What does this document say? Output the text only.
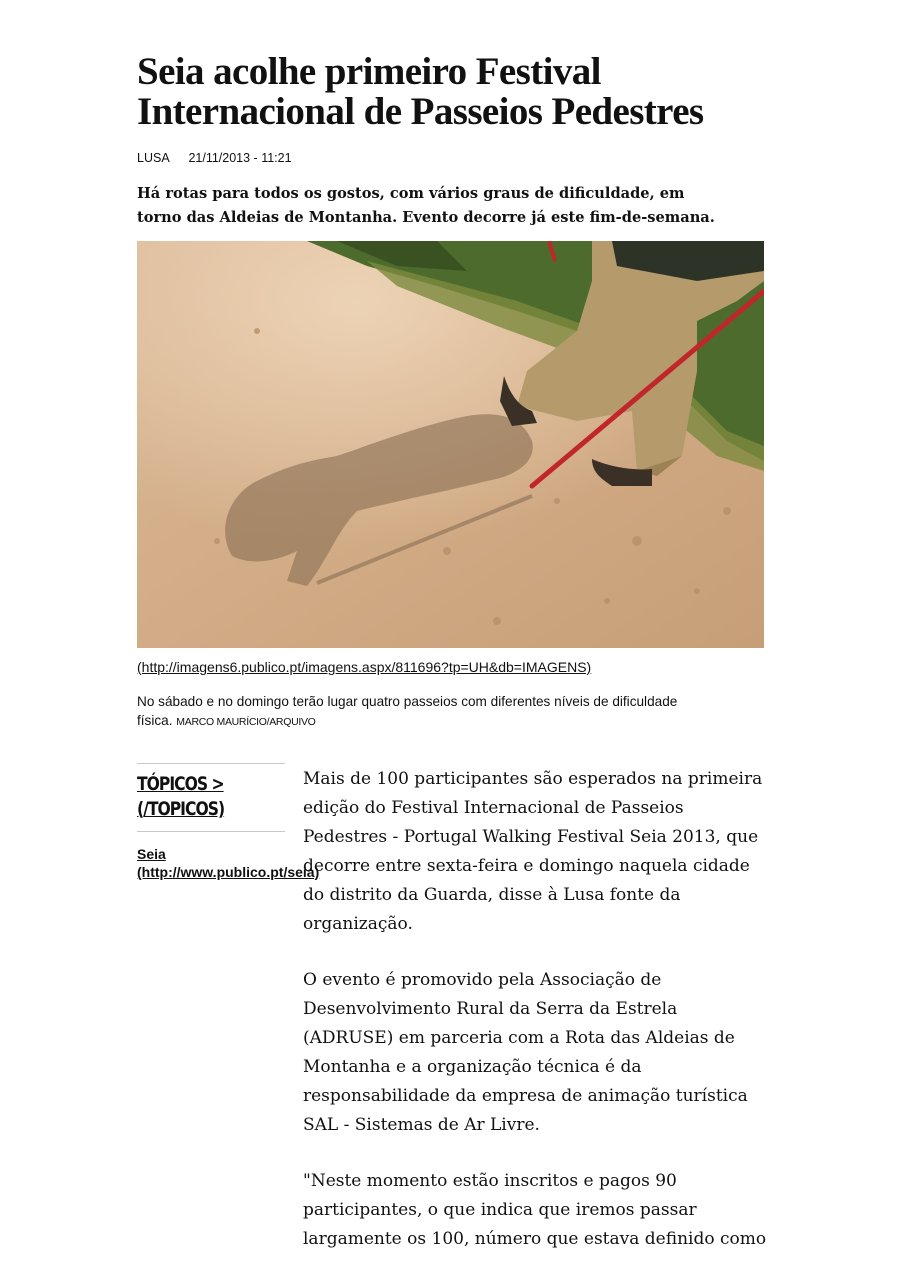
Seia acolhe primeiro Festival
Internacional de Passeios Pedestres
LUSA 21/11/2013 - 11:21

Há rotas para todos os gostos, com vários graus de dificuldade, em
torno das Aldeias de Montanha. Evento decorre já este fim-de-semana.

(http://imagens6.publico.pt/imagens.aspx/811696?tp=UH&db=IMAGENS)

No sábado e no domingo terão lugar quatro passeios com diferentes níveis de dificuldade
física. MARCO MAURÍCIO/ARQUIVO

TÓPICOS >
(/TOPICOS)
Seia
(http://www.publico.pt/seia)

Mais de 100 participantes são esperados na primeira
edição do Festival Internacional de Passeios
Pedestres - Portugal Walking Festival Seia 2013, que
decorre entre sexta-feira e domingo naquela cidade
do distrito da Guarda, disse à Lusa fonte da
organização.

O evento é promovido pela Associação de
Desenvolvimento Rural da Serra da Estrela
(ADRUSE) em parceria com a Rota das Aldeias de
Montanha e a organização técnica é da
responsabilidade da empresa de animação turística
SAL - Sistemas de Ar Livre.

"Neste momento estão inscritos e pagos 90
participantes, o que indica que iremos passar
largamente os 100, número que estava definido como
